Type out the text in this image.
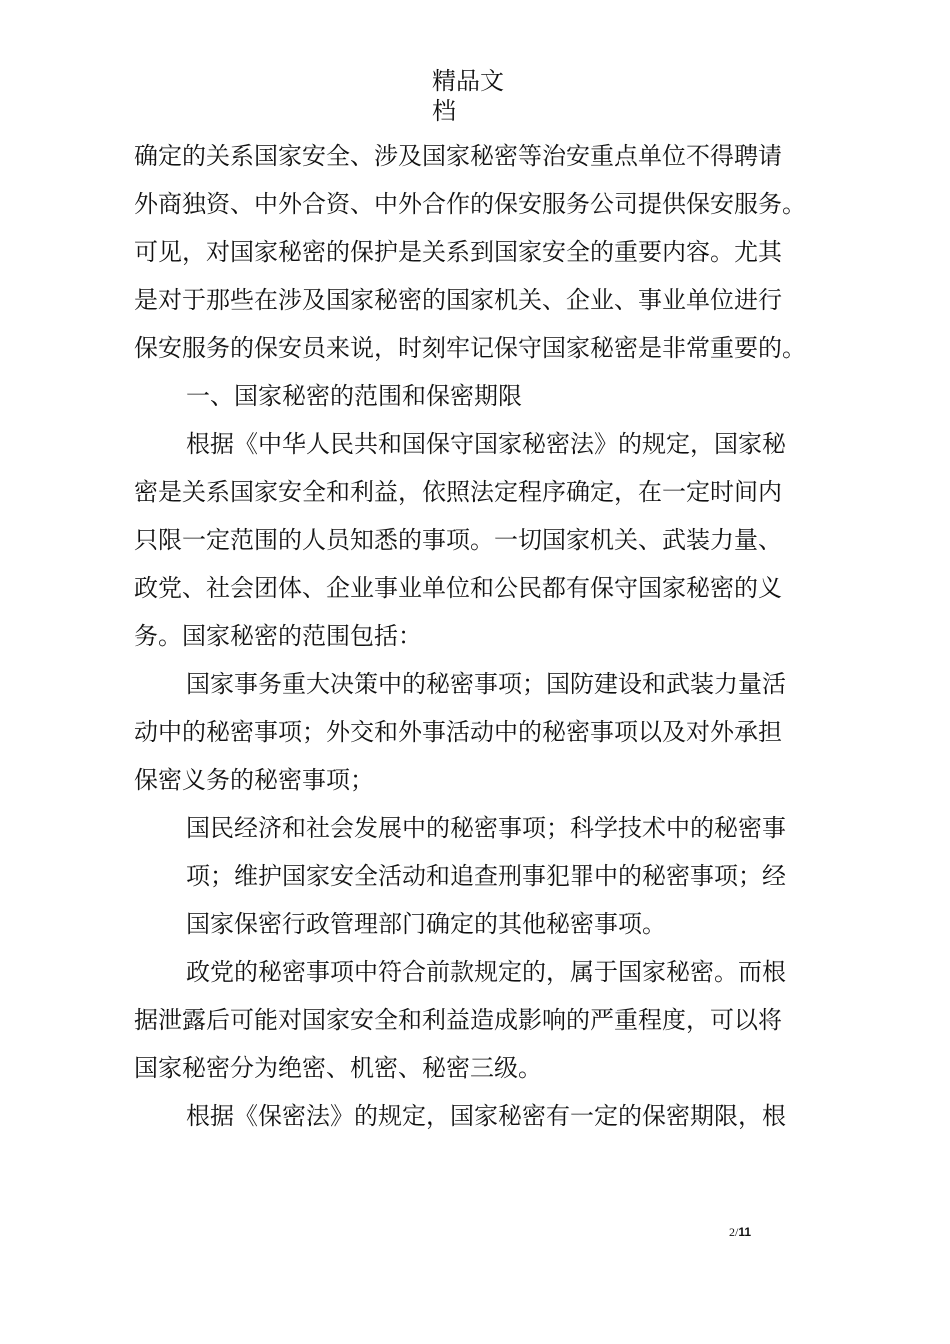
精品文
档
确定的关系国家安全、涉及国家秘密等治安重点单位不得聘请
外商独资、中外合资、中外合作的保安服务公司提供保安服务。
可见，对国家秘密的保护是关系到国家安全的重要内容。尤其
是对于那些在涉及国家秘密的国家机关、企业、事业单位进行
保安服务的保安员来说，时刻牢记保守国家秘密是非常重要的。
一、国家秘密的范围和保密期限
根据《中华人民共和国保守国家秘密法》的规定，国家秘
密是关系国家安全和利益，依照法定程序确定，在一定时间内
只限一定范围的人员知悉的事项。一切国家机关、武装力量、
政党、社会团体、企业事业单位和公民都有保守国家秘密的义
务。国家秘密的范围包括：
国家事务重大决策中的秘密事项；国防建设和武装力量活
动中的秘密事项；外交和外事活动中的秘密事项以及对外承担
保密义务的秘密事项；
国民经济和社会发展中的秘密事项；科学技术中的秘密事
项；维护国家安全活动和追查刑事犯罪中的秘密事项；经
国家保密行政管理部门确定的其他秘密事项。
政党的秘密事项中符合前款规定的，属于国家秘密。而根
据泄露后可能对国家安全和利益造成影响的严重程度，可以将
国家秘密分为绝密、机密、秘密三级。
根据《保密法》的规定，国家秘密有一定的保密期限，根
2/11
